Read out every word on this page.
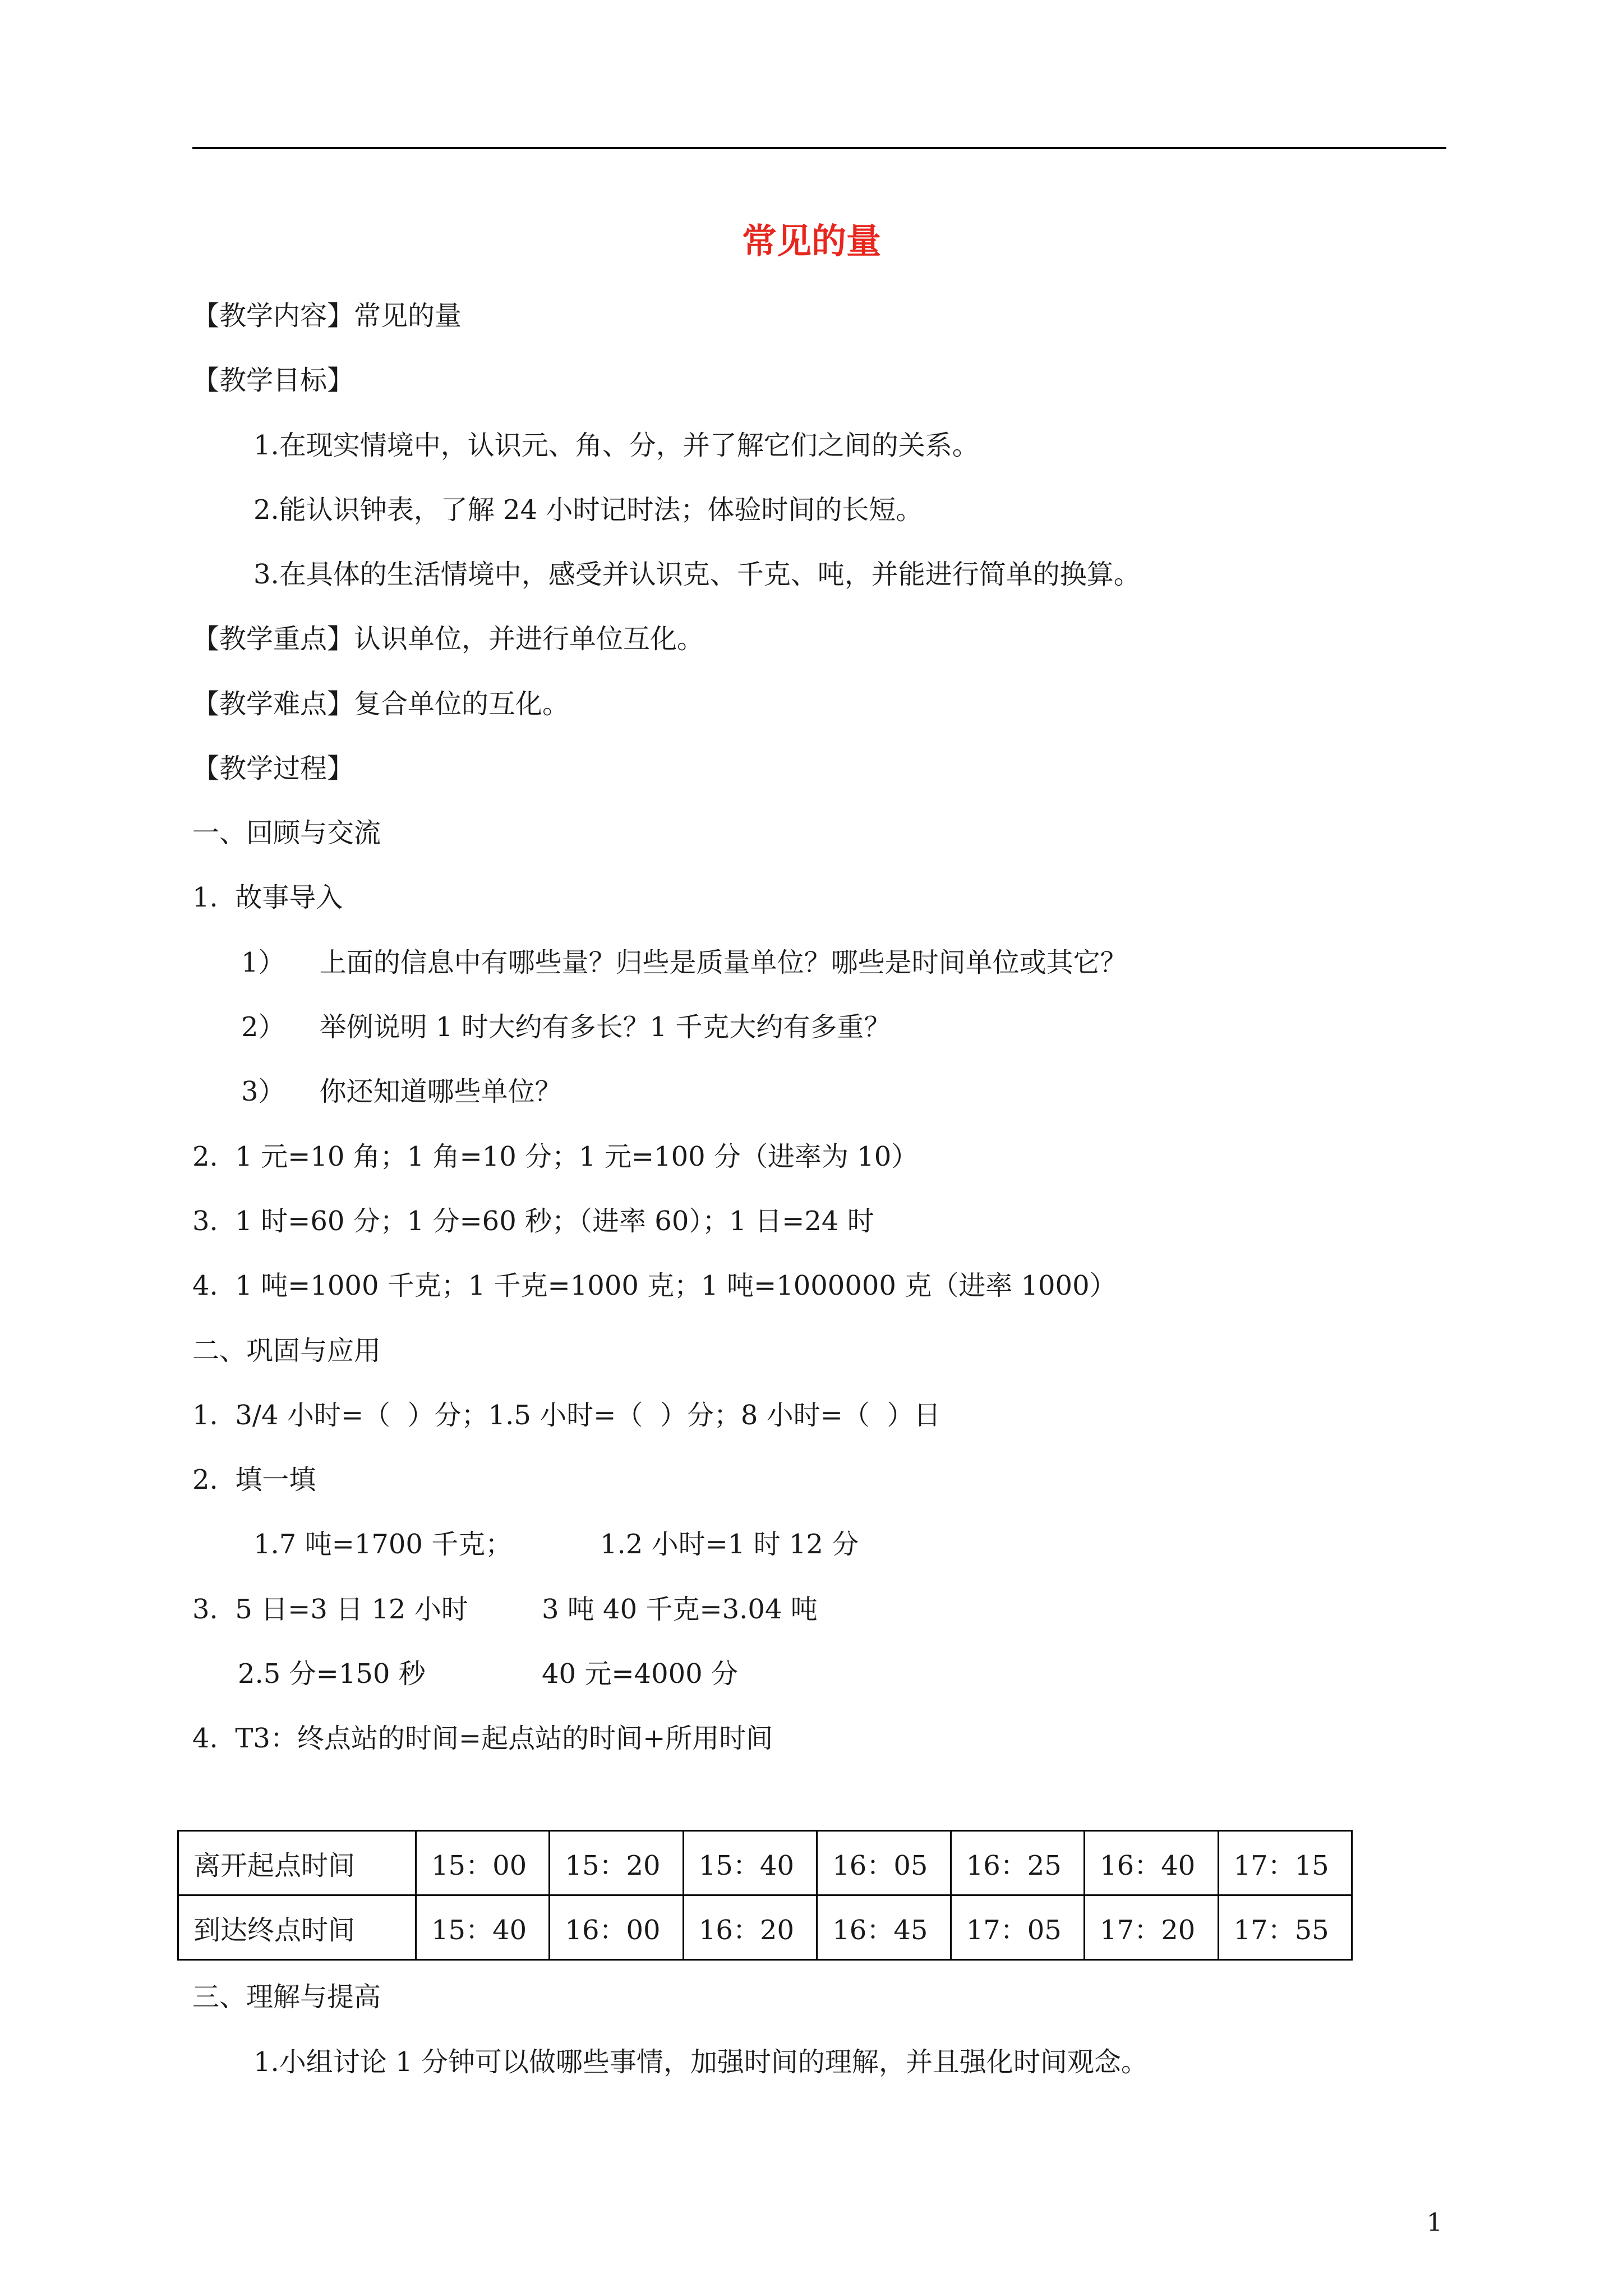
常见的量
【教学内容】常见的量
【教学目标】
1.在现实情境中，认识元、角、分，并了解它们之间的关系。
2.能认识钟表，了解 24 小时记时法；体验时间的长短。
3.在具体的生活情境中，感受并认识克、千克、吨，并能进行简单的换算。
【教学重点】认识单位，并进行单位互化。
【教学难点】复合单位的互化。
【教学过程】
一、回顾与交流
1.  故事导入
1）    上面的信息中有哪些量？归些是质量单位？哪些是时间单位或其它？
2）    举例说明 1 时大约有多长？1 千克大约有多重？
3）    你还知道哪些单位？
2.  1 元=10 角；1 角=10 分；1 元=100 分（进率为 10）
3.  1 时=60 分；1 分=60 秒；（进率 60）；1 日=24 时
4.  1 吨=1000 千克；1 千克=1000 克；1 吨=1000000 克（进率 1000）
二、巩固与应用
1.  3/4 小时=（  ）分；1.5 小时=（  ）分；8 小时=（  ）日
2.  填一填
1.7 吨=1700 千克；	1.2 小时=1 时 12 分
3.  5 日=3 日 12 小时	3 吨 40 千克=3.04 吨
2.5 分=150 秒	40 元=4000 分
4.  T3：终点站的时间=起点站的时间+所用时间
离开起点时间	15：00	15：20	15：40	16：05	16：25	16：40	17：15
到达终点时间	15：40	16：00	16：20	16：45	17：05	17：20	17：55
三、理解与提高
1.小组讨论 1 分钟可以做哪些事情，加强时间的理解，并且强化时间观念。
1
